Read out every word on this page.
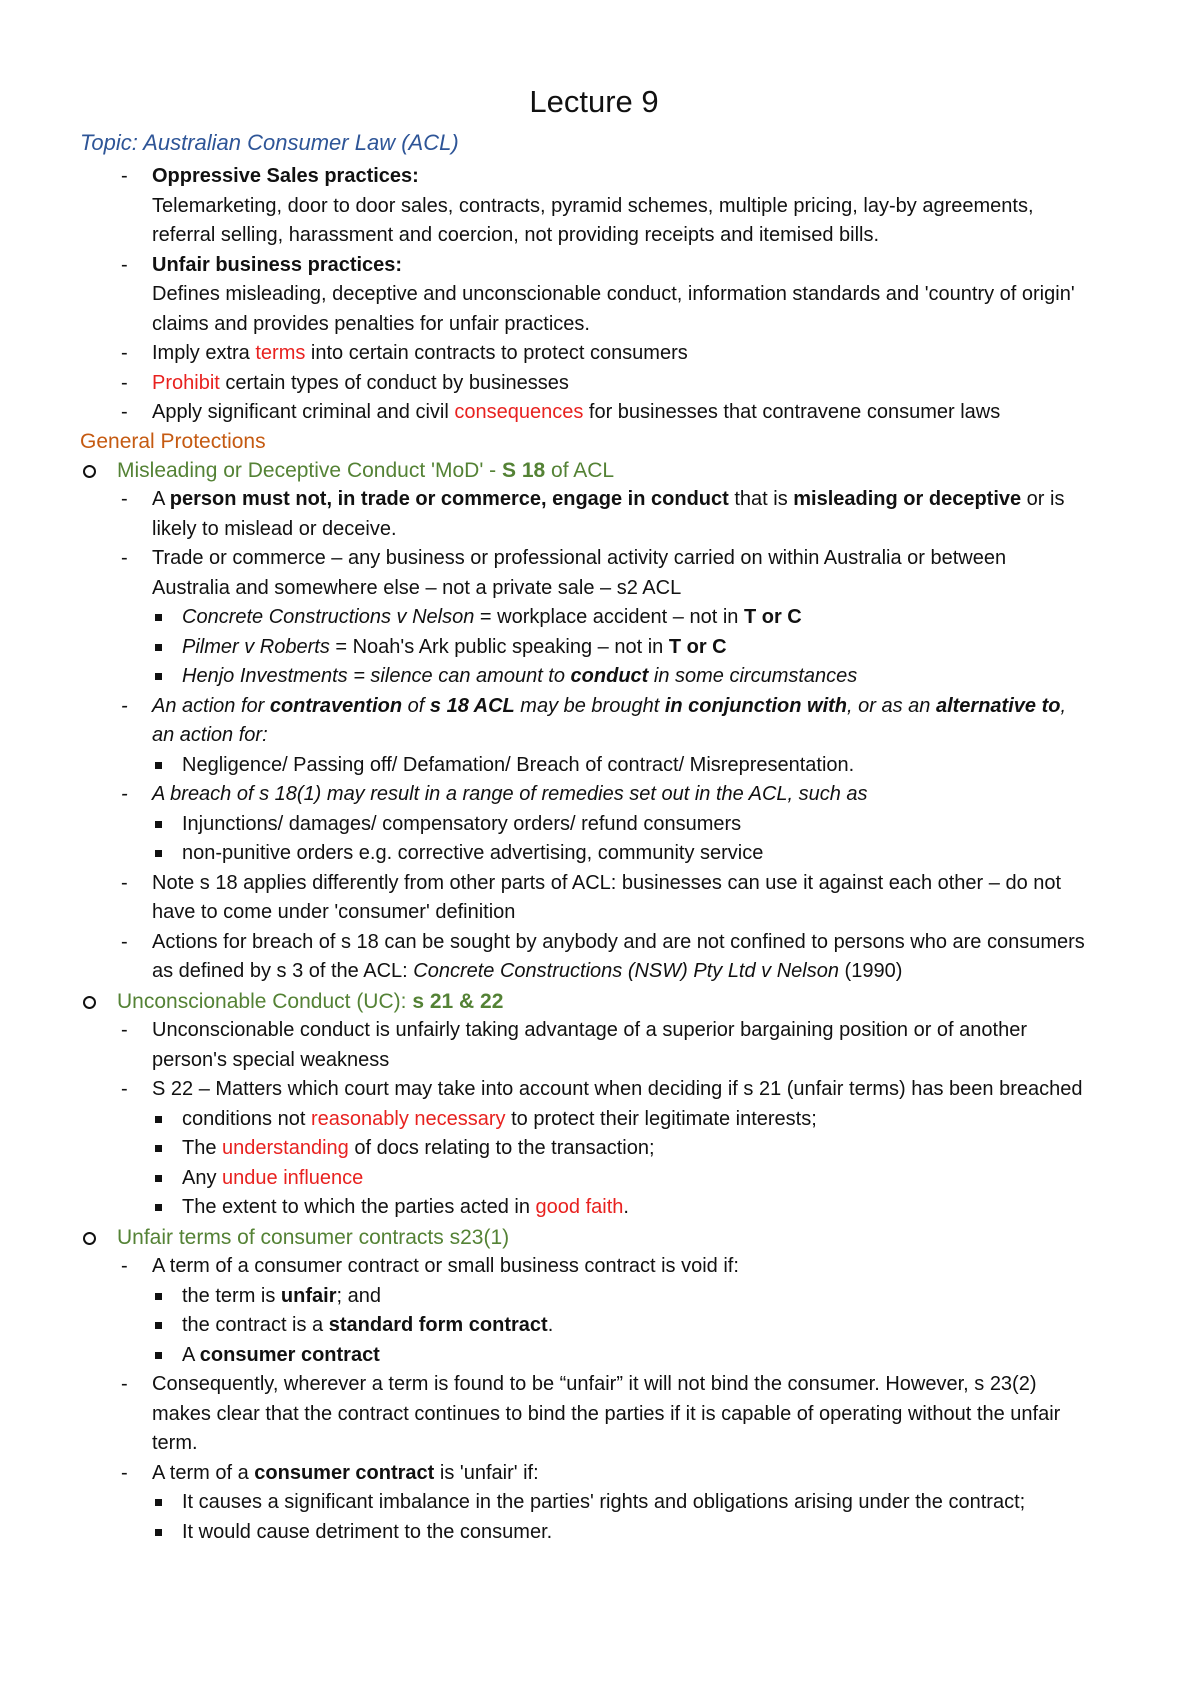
Lecture 9
Topic: Australian Consumer Law (ACL)
- Oppressive Sales practices:
Telemarketing, door to door sales, contracts, pyramid schemes, multiple pricing, lay-by agreements, referral selling, harassment and coercion, not providing receipts and itemised bills.
- Unfair business practices:
Defines misleading, deceptive and unconscionable conduct, information standards and 'country of origin' claims and provides penalties for unfair practices.
- Imply extra terms into certain contracts to protect consumers
- Prohibit certain types of conduct by businesses
- Apply significant criminal and civil consequences for businesses that contravene consumer laws
General Protections
Misleading or Deceptive Conduct 'MoD' - S 18 of ACL
- A person must not, in trade or commerce, engage in conduct that is misleading or deceptive or is likely to mislead or deceive.
- Trade or commerce – any business or professional activity carried on within Australia or between Australia and somewhere else – not a private sale – s2 ACL
Concrete Constructions v Nelson = workplace accident – not in T or C
Pilmer v Roberts = Noah's Ark public speaking – not in T or C
Henjo Investments = silence can amount to conduct in some circumstances
- An action for contravention of s 18 ACL may be brought in conjunction with, or as an alternative to, an action for:
Negligence/ Passing off/ Defamation/ Breach of contract/ Misrepresentation.
- A breach of s 18(1) may result in a range of remedies set out in the ACL, such as
Injunctions/ damages/ compensatory orders/ refund consumers
non-punitive orders e.g. corrective advertising, community service
- Note s 18 applies differently from other parts of ACL: businesses can use it against each other – do not have to come under 'consumer' definition
- Actions for breach of s 18 can be sought by anybody and are not confined to persons who are consumers as defined by s 3 of the ACL: Concrete Constructions (NSW) Pty Ltd v Nelson (1990)
Unconscionable Conduct (UC): s 21 & 22
- Unconscionable conduct is unfairly taking advantage of a superior bargaining position or of another person's special weakness
- S 22 – Matters which court may take into account when deciding if s 21 (unfair terms) has been breached
conditions not reasonably necessary to protect their legitimate interests;
The understanding of docs relating to the transaction;
Any undue influence
The extent to which the parties acted in good faith.
Unfair terms of consumer contracts s23(1)
- A term of a consumer contract or small business contract is void if:
the term is unfair; and
the contract is a standard form contract.
A consumer contract
- Consequently, wherever a term is found to be “unfair” it will not bind the consumer. However, s 23(2) makes clear that the contract continues to bind the parties if it is capable of operating without the unfair term.
- A term of a consumer contract is 'unfair' if:
It causes a significant imbalance in the parties' rights and obligations arising under the contract;
It would cause detriment to the consumer.
